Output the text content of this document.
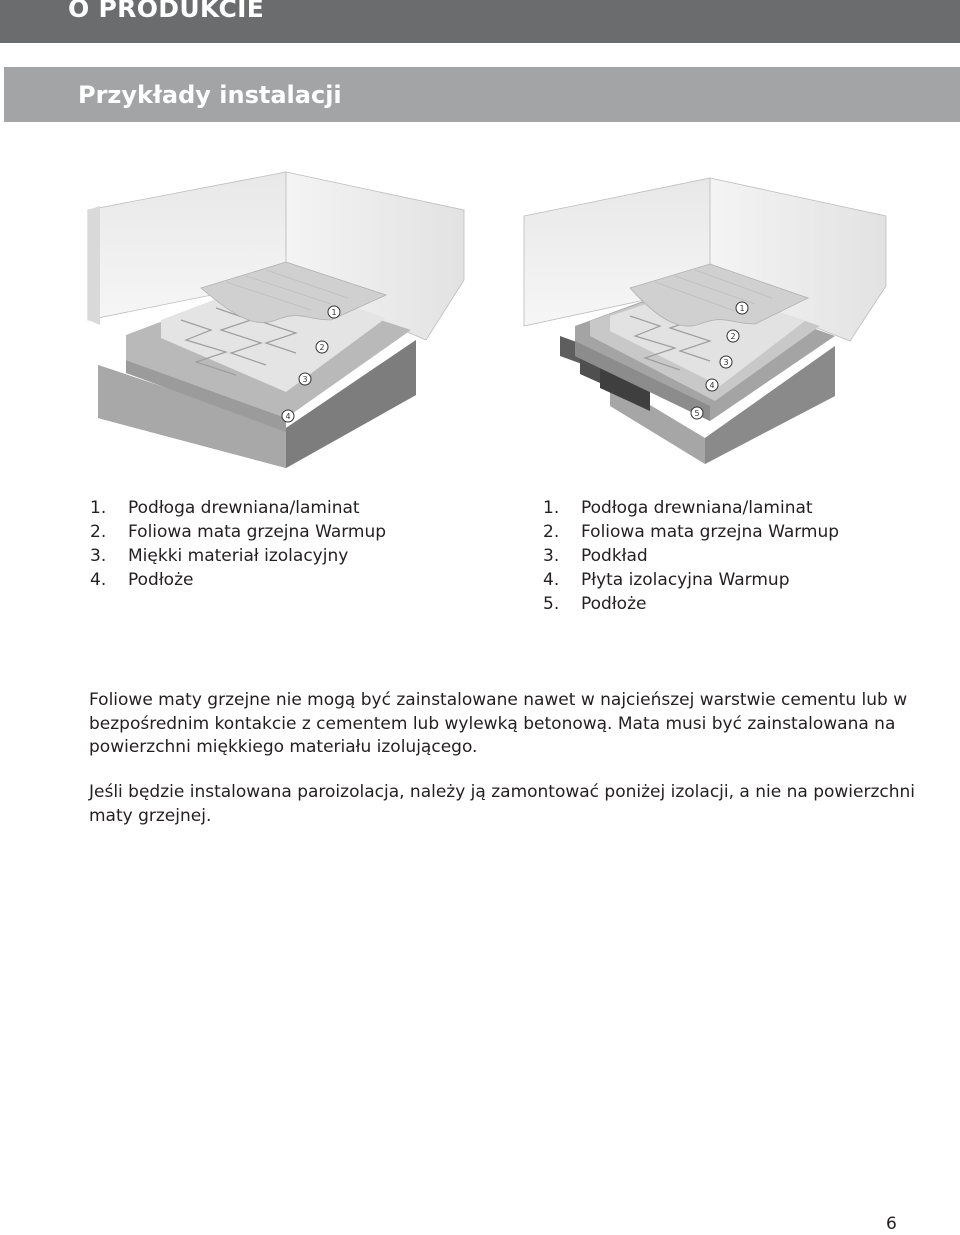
O PRODUKCIE
Przykłady instalacji
1
2
3
4
1
2
3
4
5
1.	Podłoga drewniana/laminat
2.	Foliowa mata grzejna Warmup
3.	Miękki materiał izolacyjny
4.	Podłoże
1.	Podłoga drewniana/laminat
2.	Foliowa mata grzejna Warmup
3.	Podkład
4.	Płyta izolacyjna Warmup
5.	Podłoże

Foliowe maty grzejne nie mogą być zainstalowane nawet w najcieńszej warstwie cementu lub w bezpośrednim kontakcie z cementem lub wylewką betonową. Mata musi być zainstalowana na powierzchni miękkiego materiału izolującego.

Jeśli będzie instalowana paroizolacja, należy ją zamontować poniżej izolacji, a nie na powierzchni maty grzejnej.

6
